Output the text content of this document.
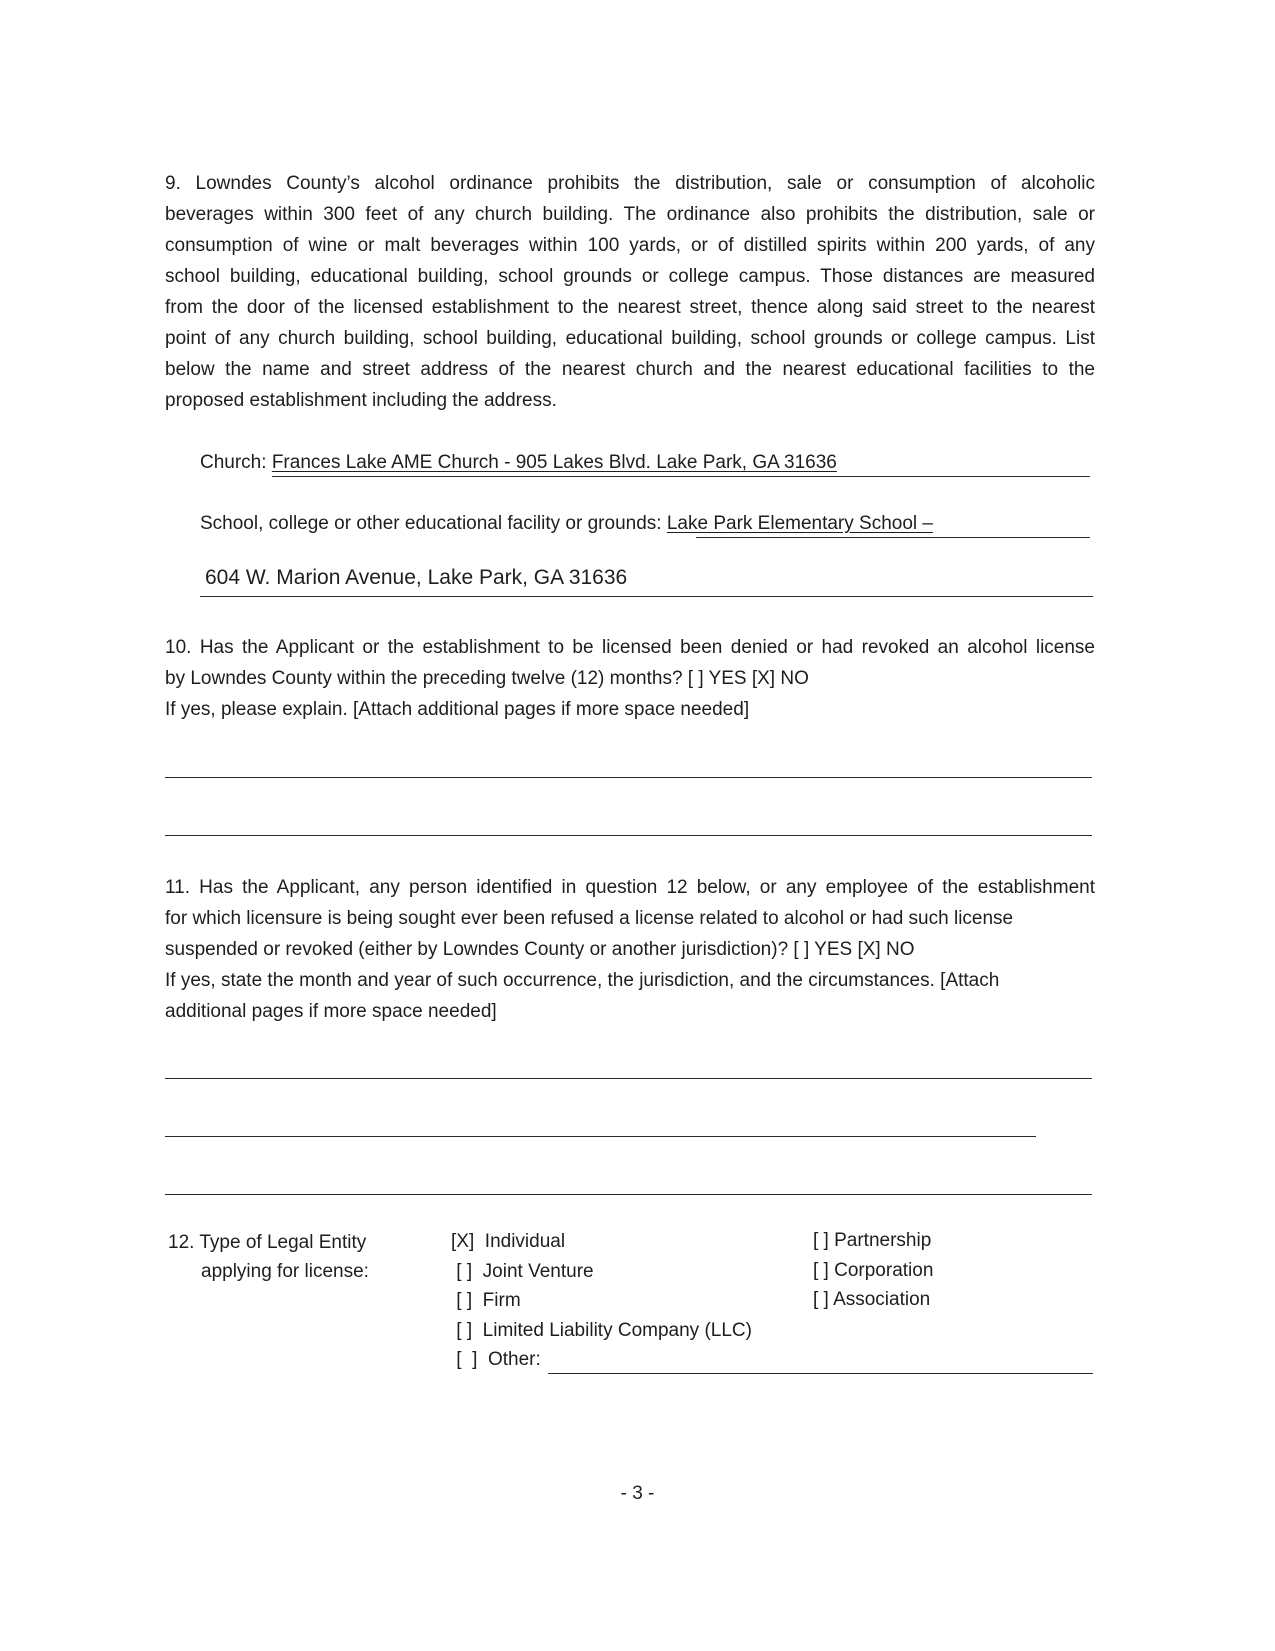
9. Lowndes County’s alcohol ordinance prohibits the distribution, sale or consumption of alcoholic
beverages within 300 feet of any church building. The ordinance also prohibits the distribution, sale or
consumption of wine or malt beverages within 100 yards, or of distilled spirits within 200 yards, of any
school building, educational building, school grounds or college campus. Those distances are measured
from the door of the licensed establishment to the nearest street, thence along said street to the nearest
point of any church building, school building, educational building, school grounds or college campus. List
below the name and street address of the nearest church and the nearest educational facilities to the
proposed establishment including the address.
Church: Frances Lake AME Church - 905 Lakes Blvd. Lake Park, GA 31636
School, college or other educational facility or grounds: Lake Park Elementary School –
604 W. Marion Avenue, Lake Park, GA 31636
10. Has the Applicant or the establishment to be licensed been denied or had revoked an alcohol license
by Lowndes County within the preceding twelve (12) months? [ ] YES [X] NO
If yes, please explain. [Attach additional pages if more space needed]
11. Has the Applicant, any person identified in question 12 below, or any employee of the establishment
for which licensure is being sought ever been refused a license related to alcohol or had such license
suspended or revoked (either by Lowndes County or another jurisdiction)? [ ] YES [X] NO
If yes, state the month and year of such occurrence, the jurisdiction, and the circumstances. [Attach
additional pages if more space needed]
12. Type of Legal Entity
applying for license:
[X]  Individual
[ ]  Joint Venture
[ ]  Firm
[ ]  Limited Liability Company (LLC)
[  ]  Other:
[ ] Partnership
[ ] Corporation
[ ] Association
- 3 -
